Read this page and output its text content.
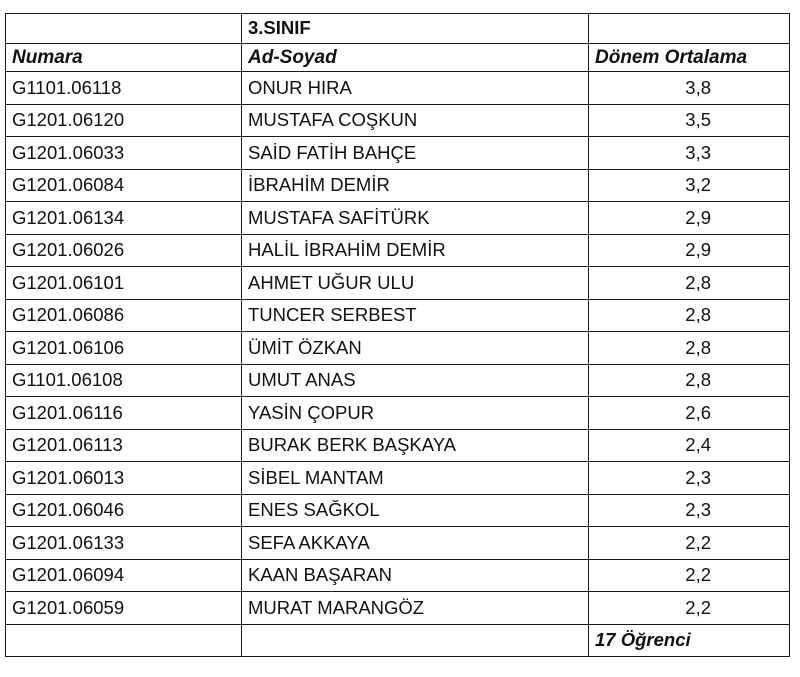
	3.SINIF	
Numara	Ad-Soyad	Dönem Ortalama
G1101.06118	ONUR HIRA	3,8
G1201.06120	MUSTAFA COŞKUN	3,5
G1201.06033	SAİD FATİH BAHÇE	3,3
G1201.06084	İBRAHİM DEMİR	3,2
G1201.06134	MUSTAFA SAFİTÜRK	2,9
G1201.06026	HALİL İBRAHİM DEMİR	2,9
G1201.06101	AHMET UĞUR ULU	2,8
G1201.06086	TUNCER SERBEST	2,8
G1201.06106	ÜMİT ÖZKAN	2,8
G1101.06108	UMUT ANAS	2,8
G1201.06116	YASİN ÇOPUR	2,6
G1201.06113	BURAK BERK BAŞKAYA	2,4
G1201.06013	SİBEL MANTAM	2,3
G1201.06046	ENES SAĞKOL	2,3
G1201.06133	SEFA AKKAYA	2,2
G1201.06094	KAAN BAŞARAN	2,2
G1201.06059	MURAT MARANGÖZ	2,2
		17 Öğrenci
